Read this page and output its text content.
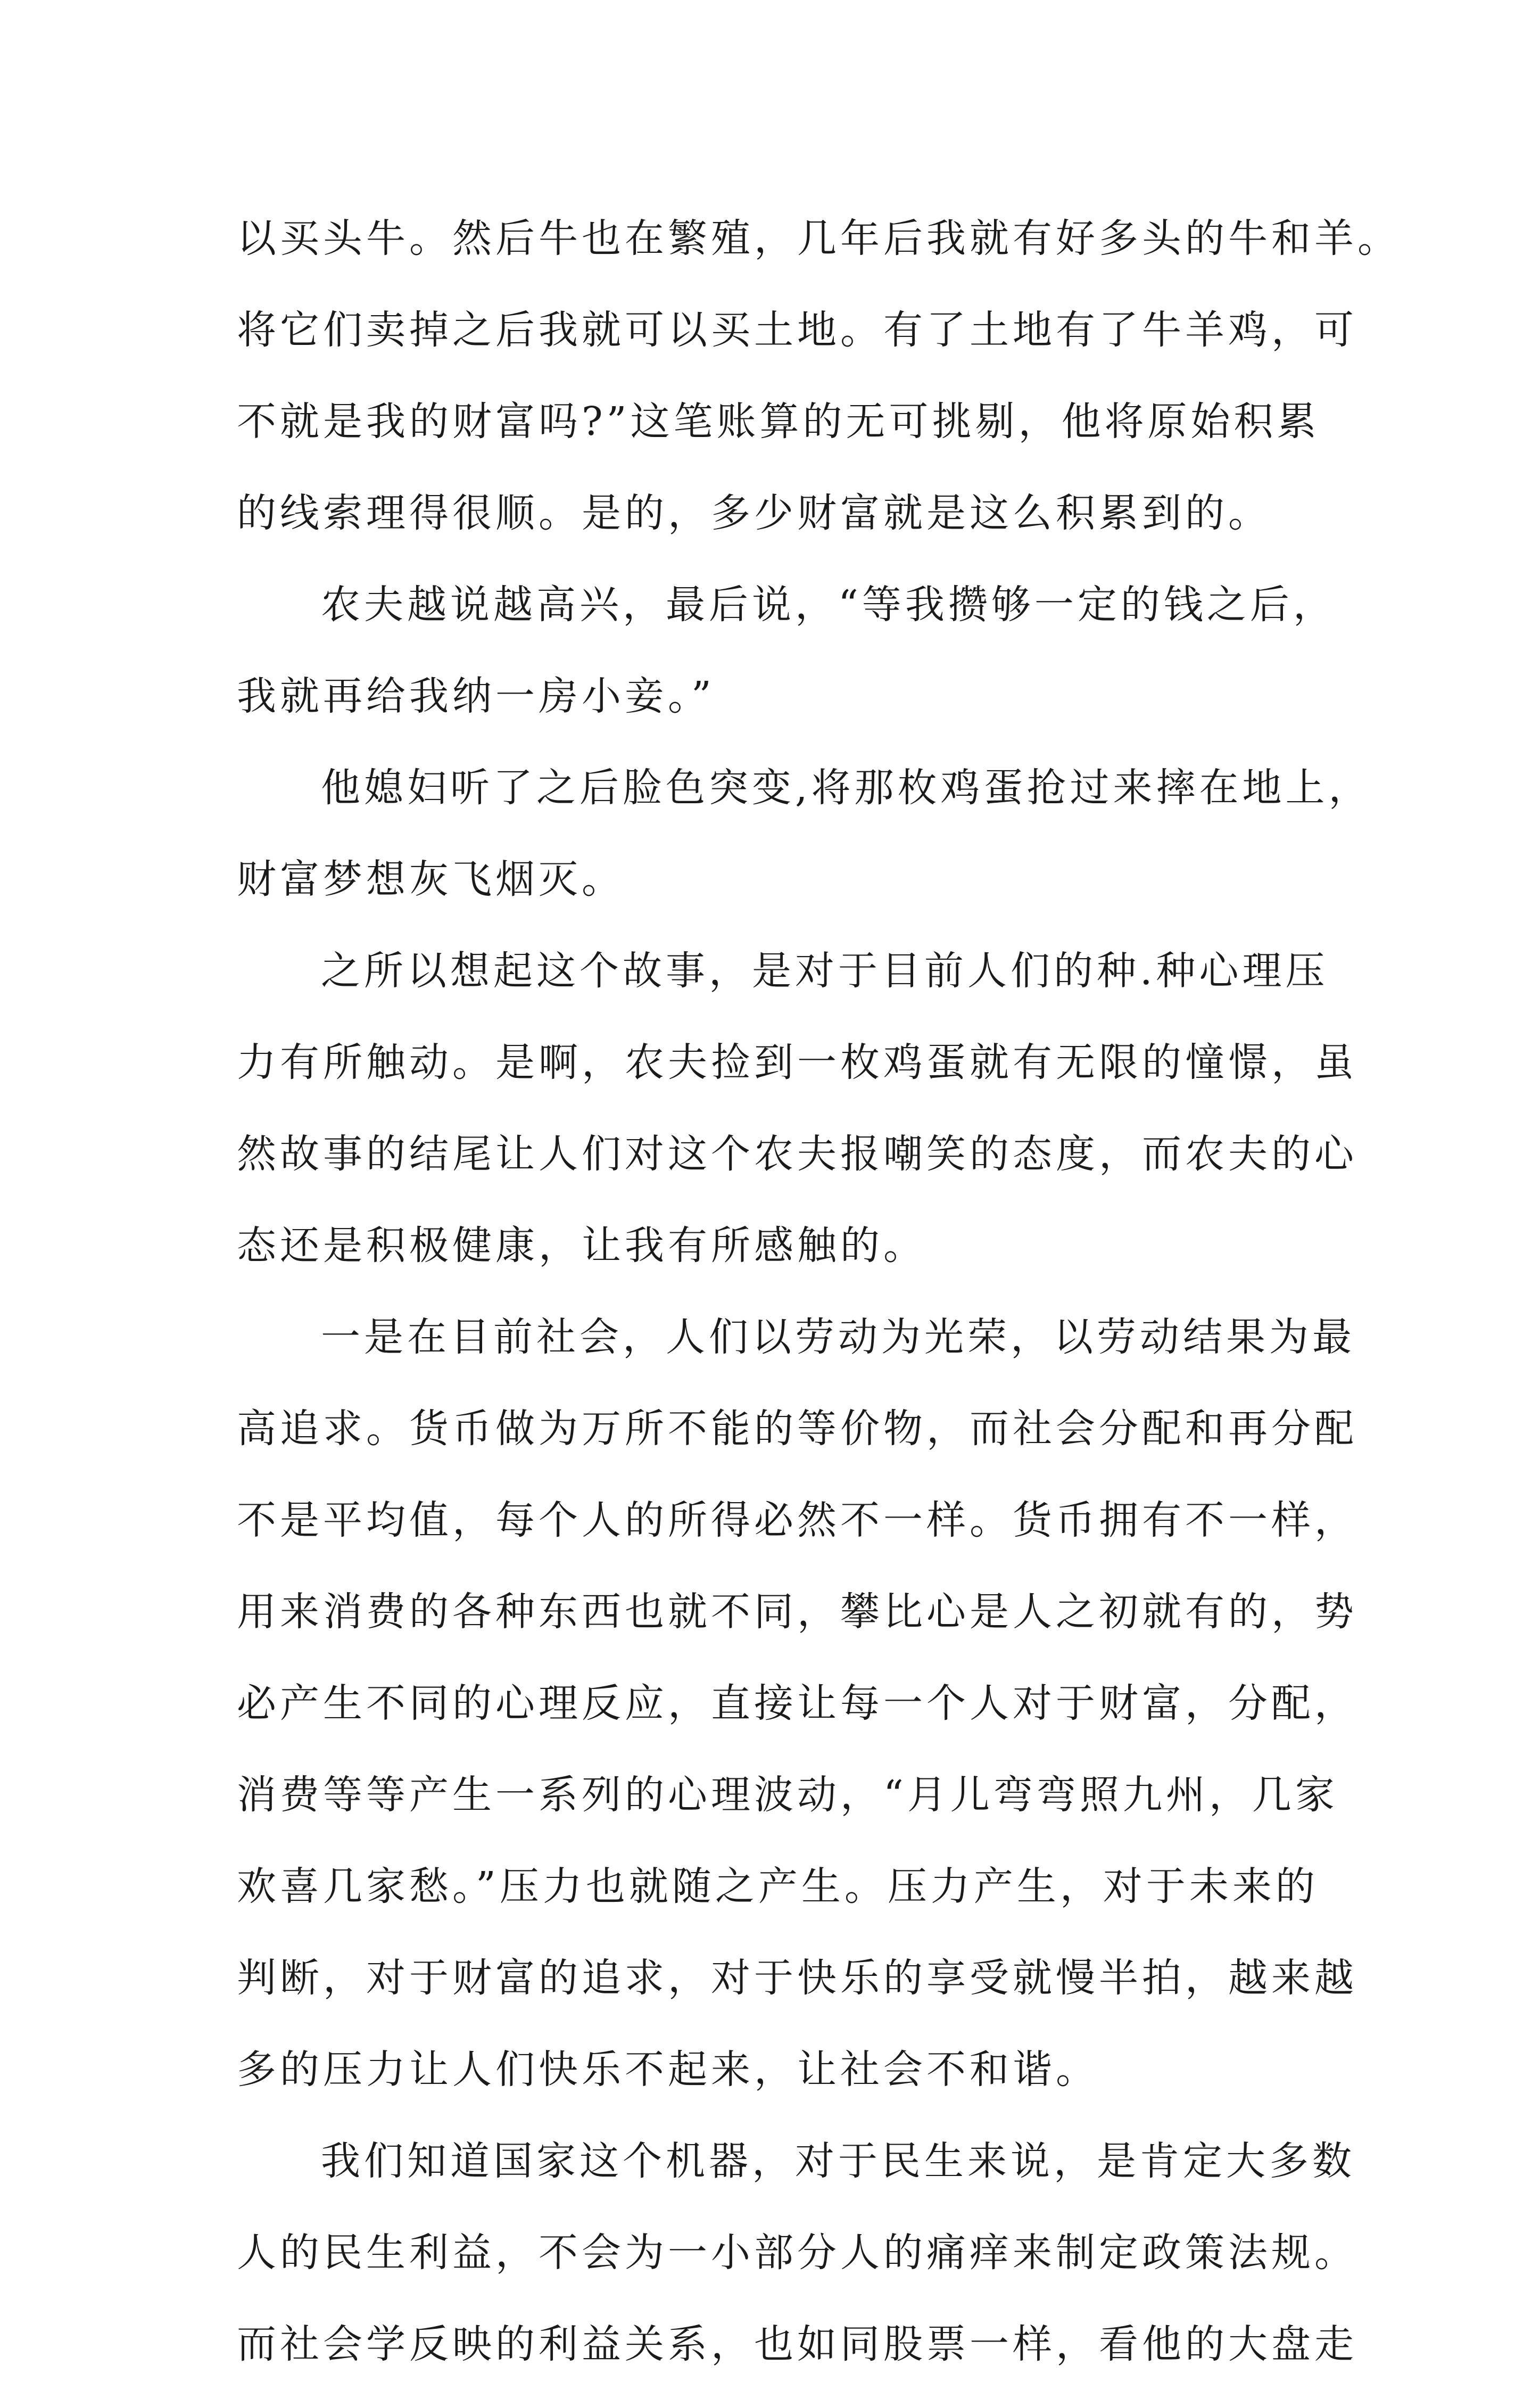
以买头牛。然后牛也在繁殖，几年后我就有好多头的牛和羊。
将它们卖掉之后我就可以买土地。有了土地有了牛羊鸡，可
不就是我的财富吗?”这笔账算的无可挑剔，他将原始积累
的线索理得很顺。是的，多少财富就是这么积累到的。
农夫越说越高兴，最后说，“等我攒够一定的钱之后，
我就再给我纳一房小妾。”
他媳妇听了之后脸色突变,将那枚鸡蛋抢过来摔在地上，
财富梦想灰飞烟灭。
之所以想起这个故事，是对于目前人们的种.种心理压
力有所触动。是啊，农夫捡到一枚鸡蛋就有无限的憧憬，虽
然故事的结尾让人们对这个农夫报嘲笑的态度，而农夫的心
态还是积极健康，让我有所感触的。
一是在目前社会，人们以劳动为光荣，以劳动结果为最
高追求。货币做为万所不能的等价物，而社会分配和再分配
不是平均值，每个人的所得必然不一样。货币拥有不一样，
用来消费的各种东西也就不同，攀比心是人之初就有的，势
必产生不同的心理反应，直接让每一个人对于财富，分配，
消费等等产生一系列的心理波动，“月儿弯弯照九州，几家
欢喜几家愁。”压力也就随之产生。压力产生，对于未来的
判断，对于财富的追求，对于快乐的享受就慢半拍，越来越
多的压力让人们快乐不起来，让社会不和谐。
我们知道国家这个机器，对于民生来说，是肯定大多数
人的民生利益，不会为一小部分人的痛痒来制定政策法规。
而社会学反映的利益关系，也如同股票一样，看他的大盘走
